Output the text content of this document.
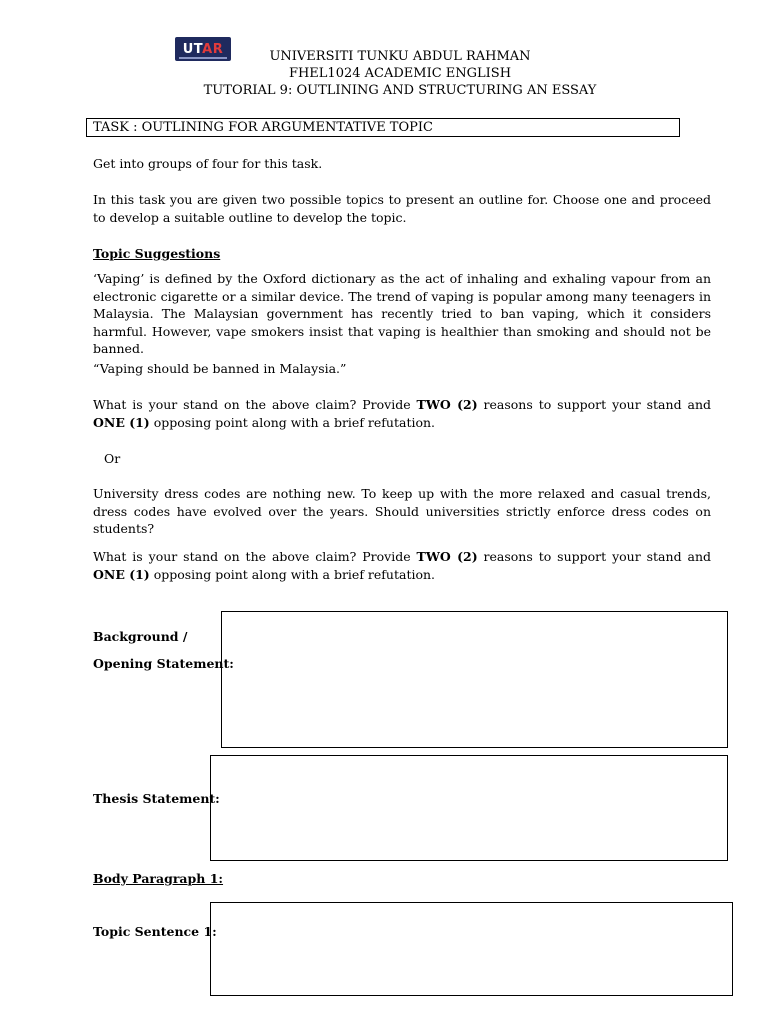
UTAR	UNIVERSITI TUNKU ABDUL RAHMAN
FHEL1024 ACADEMIC ENGLISH
TUTORIAL 9: OUTLINING AND STRUCTURING AN ESSAY
TASK : OUTLINING FOR ARGUMENTATIVE TOPIC
Get into groups of four for this task.
In this task you are given two possible topics to present an outline for. Choose one and proceed to develop a suitable outline to develop the topic.
Topic Suggestions
‘Vaping’ is defined by the Oxford dictionary as the act of inhaling and exhaling vapour from an electronic cigarette or a similar device. The trend of vaping is popular among many teenagers in Malaysia. The Malaysian government has recently tried to ban vaping, which it considers harmful. However, vape smokers insist that vaping is healthier than smoking and should not be banned.
“Vaping should be banned in Malaysia.”
What is your stand on the above claim? Provide TWO (2) reasons to support your stand and ONE (1) opposing point along with a brief refutation.
Or
University dress codes are nothing new. To keep up with the more relaxed and casual trends, dress codes have evolved over the years. Should universities strictly enforce dress codes on students?
What is your stand on the above claim? Provide TWO (2) reasons to support your stand and ONE (1) opposing point along with a brief refutation.
Background /
Opening Statement:
Thesis Statement:
Body Paragraph 1:
Topic Sentence 1:
